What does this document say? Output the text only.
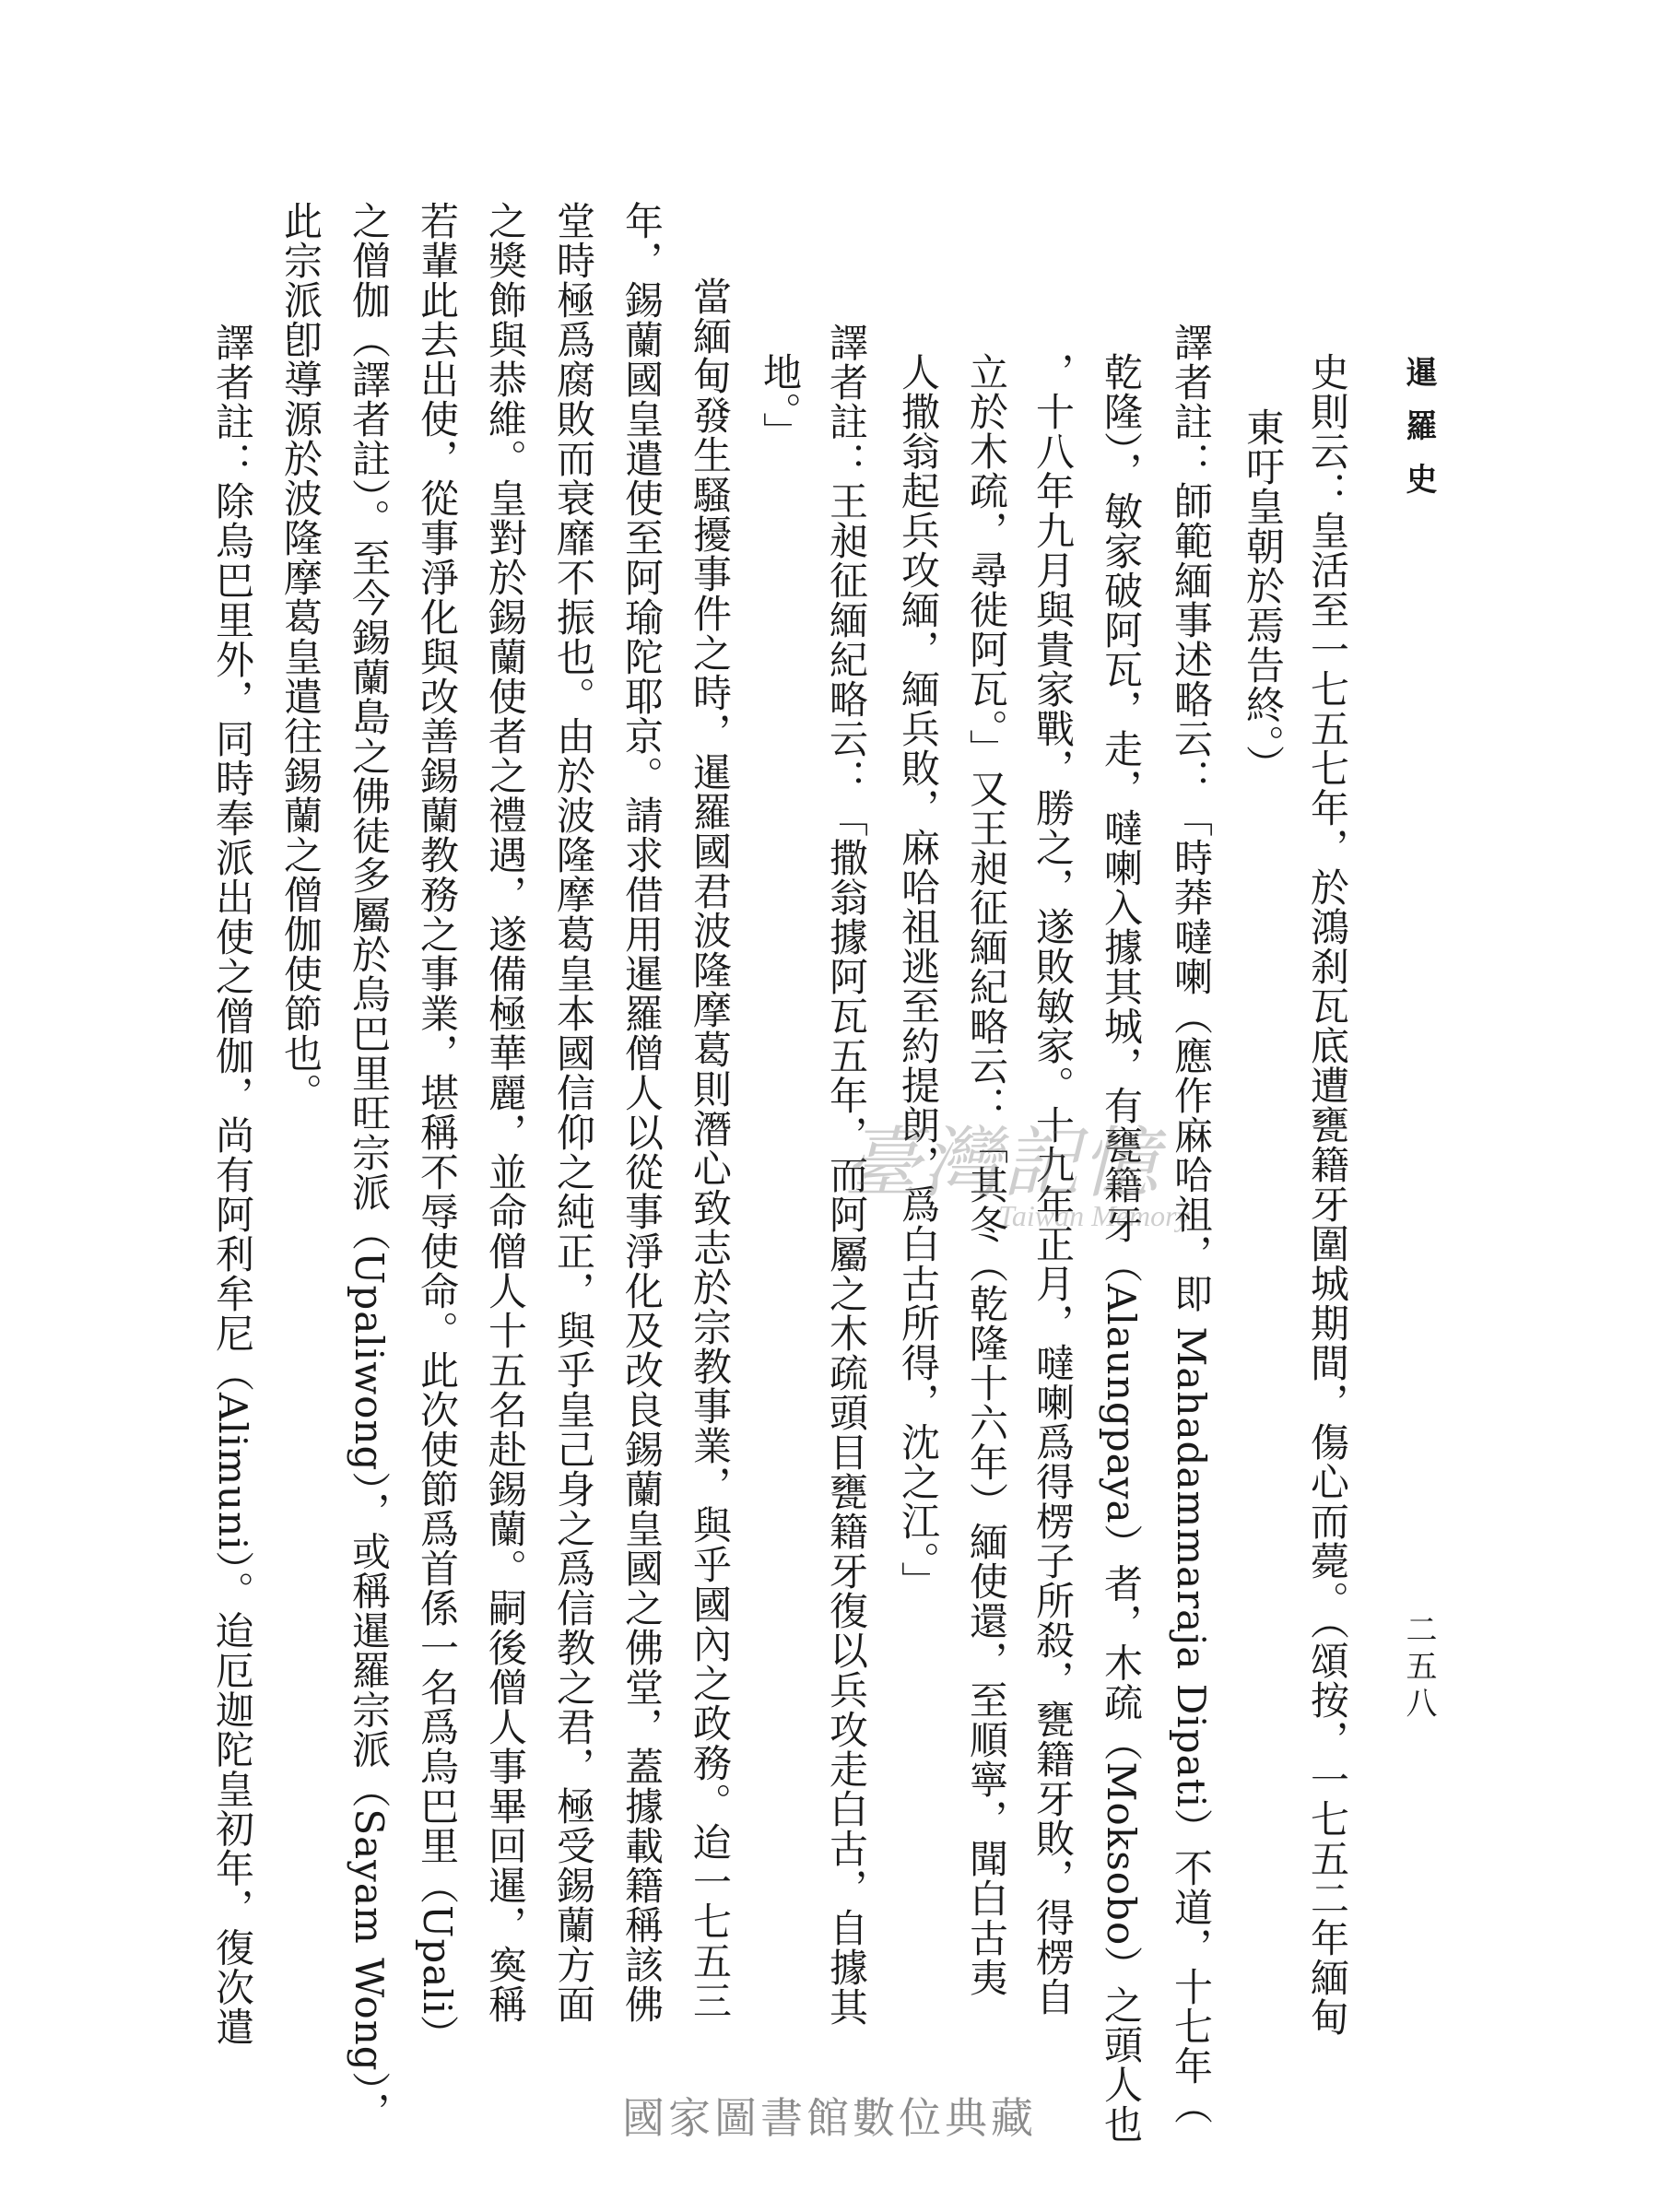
暹羅史
二五八
史則云：皇活至一七五七年，於鴻刹瓦底遭甕籍牙圍城期間，傷心而薨。（頌按，一七五二年緬甸
東吁皇朝於焉告終。）
譯者註：師範緬事述略云：「時莽噠喇（應作麻哈祖，即 Mahadammaraja Dipati）不道，十七年（
乾隆），敏家破阿瓦，走，噠喇入據其城，有甕籍牙（Alaungpaya）者，木疏（Moksobo）之頭人也
，十八年九月與貴家戰，勝之，遂敗敏家。十九年正月，噠喇爲得楞子所殺，甕籍牙敗，得楞自
立於木疏，尋徙阿瓦。」又王昶征緬紀略云：「其冬（乾隆十六年）緬使還，至順寧，聞白古夷
人撒翁起兵攻緬，緬兵敗，麻哈祖逃至約提朗，爲白古所得，沈之江。」
譯者註：王昶征緬紀略云：「撒翁據阿瓦五年，而阿屬之木疏頭目甕籍牙復以兵攻走白古，自據其
地。」
當緬甸發生騷擾事件之時，暹羅國君波隆摩葛則潛心致志於宗教事業，與乎國內之政務。迨一七五三
年，錫蘭國皇遣使至阿瑜陀耶京。請求借用暹羅僧人以從事淨化及改良錫蘭皇國之佛堂，蓋據載籍稱該佛
堂時極爲腐敗而衰靡不振也。由於波隆摩葛皇本國信仰之純正，與乎皇己身之爲信教之君，極受錫蘭方面
之獎飾與恭維。皇對於錫蘭使者之禮遇，遂備極華麗，並命僧人十五名赴錫蘭。嗣後僧人事畢回暹，寏稱
若輩此去出使，從事淨化與改善錫蘭教務之事業，堪稱不辱使命。此次使節爲首係一名爲烏巴里（Upali）
之僧伽（譯者註）。至今錫蘭島之佛徒多屬於烏巴里旺宗派（Upaliwong），或稱暹羅宗派（Sayam Wong），
此宗派卽導源於波隆摩葛皇遣往錫蘭之僧伽使節也。
譯者註：除烏巴里外，同時奉派出使之僧伽，尚有阿利牟尼（Alimuni）。迨厄迦陀皇初年，復次遣	臺灣記憶
Taiwan Memory
國家圖書館數位典藏
